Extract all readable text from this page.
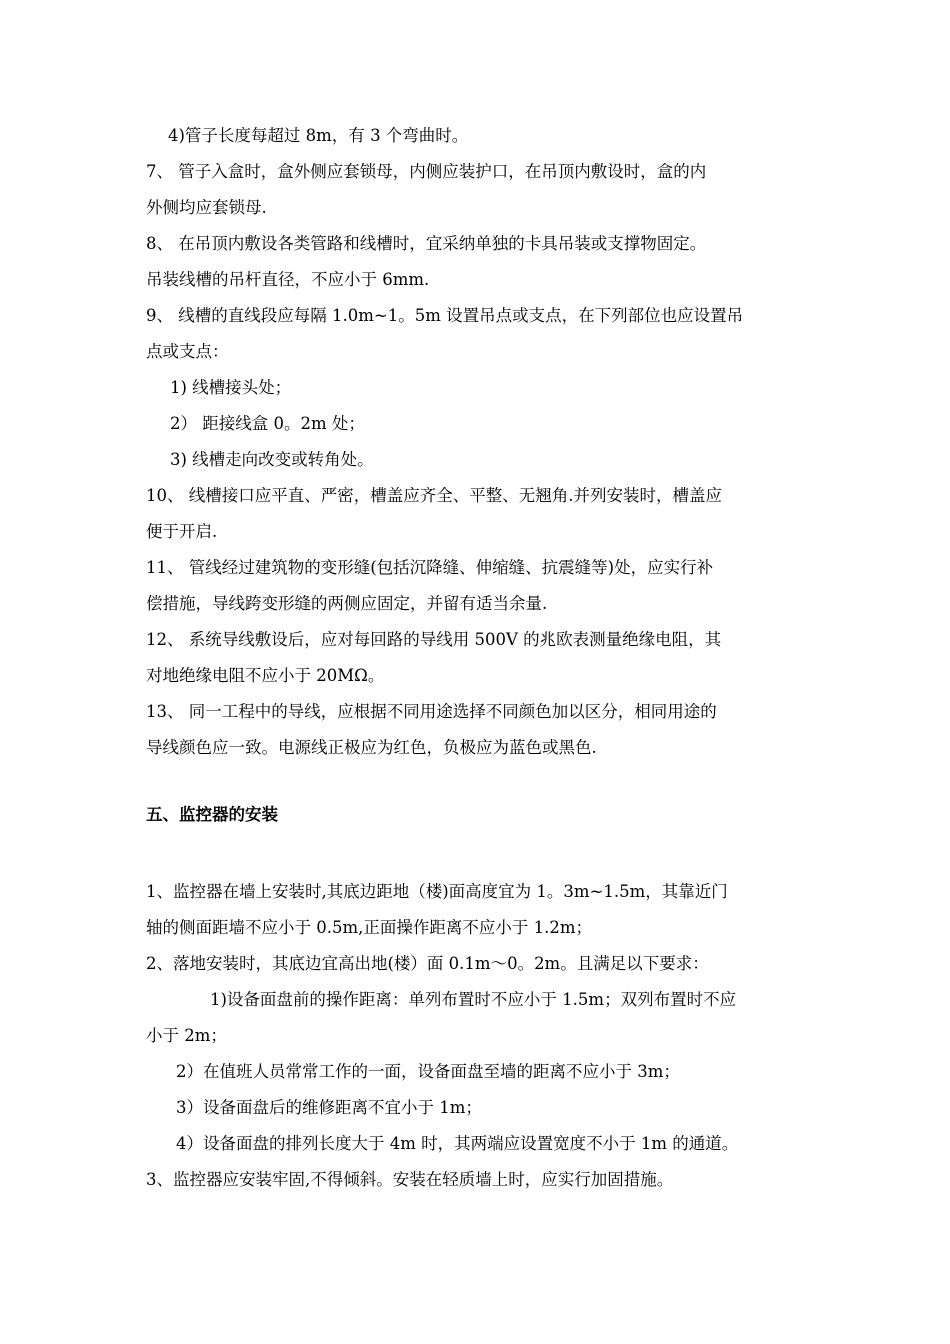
4)管子长度每超过 8m，有 3 个弯曲时。

7、 管子入盒时，盒外侧应套锁母，内侧应装护口，在吊顶内敷设时，盒的内

外侧均应套锁母.

8、 在吊顶内敷设各类管路和线槽时，宜采纳单独的卡具吊装或支撑物固定。

吊装线槽的吊杆直径，不应小于 6mm.

9、 线槽的直线段应每隔 1.0m~1。5m 设置吊点或支点，在下列部位也应设置吊

点或支点：

1) 线槽接头处；

2） 距接线盒 0。2m 处；

3) 线槽走向改变或转角处。

10、 线槽接口应平直、严密，槽盖应齐全、平整、无翘角.并列安装时，槽盖应

便于开启.

11、 管线经过建筑物的变形缝(包括沉降缝、伸缩缝、抗震缝等)处，应实行补

偿措施，导线跨变形缝的两侧应固定，并留有适当余量.

12、 系统导线敷设后，应对每回路的导线用 500V 的兆欧表测量绝缘电阻，其

对地绝缘电阻不应小于 20MΩ。

13、 同一工程中的导线，应根据不同用途选择不同颜色加以区分，相同用途的

导线颜色应一致。电源线正极应为红色，负极应为蓝色或黑色.

五、监控器的安装

1、监控器在墙上安装时,其底边距地（楼)面高度宜为 1。3m~1.5m，其靠近门

轴的侧面距墙不应小于 0.5m,正面操作距离不应小于 1.2m；

2、落地安装时，其底边宜高出地(楼）面 0.1m～0。2m。且满足以下要求：

1)设备面盘前的操作距离：单列布置时不应小于 1.5m；双列布置时不应

小于 2m；

2）在值班人员常常工作的一面，设备面盘至墙的距离不应小于 3m；

3）设备面盘后的维修距离不宜小于 1m；

4）设备面盘的排列长度大于 4m 时，其两端应设置宽度不小于 1m 的通道。

3、监控器应安装牢固,不得倾斜。安装在轻质墙上时，应实行加固措施。
